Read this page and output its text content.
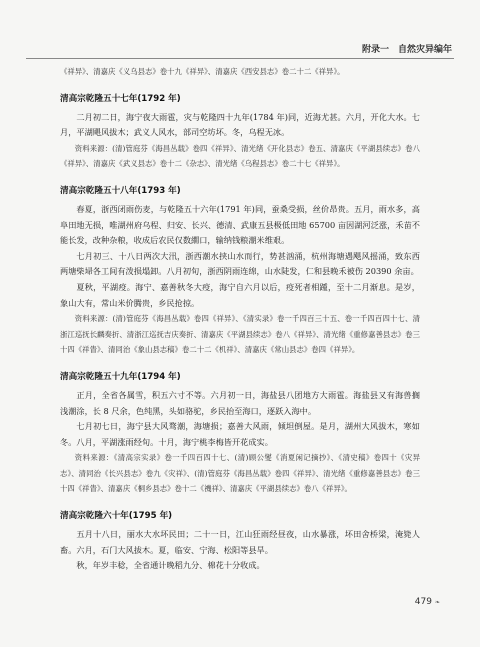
附录一　自然灾异编年

《祥异》、清嘉庆《义乌县志》卷十九《祥异》、清嘉庆《西安县志》卷二十二《祥异》。

清高宗乾隆五十七年(1792 年)

二月初二日，海宁夜大雨雹，灾与乾隆四十九年(1784 年)同，近海尤甚。六月，开化大水。七月，平湖飓风拔木；武义人风水，部司空坊坏。冬，乌程无冰。

资料来源：(清)管庭芬《海昌丛载》卷四《祥异》、清光绪《开化县志》卷五、清嘉庆《平湖县续志》卷八《祥异》、清嘉庆《武义县志》卷十二《杂志》、清光绪《乌程县志》卷二十七《祥异》。

清高宗乾隆五十八年(1793 年)

春夏，浙西闭雨伤麦，与乾隆五十六年(1791 年)同，蚕桑受损，丝价昂贵。五月，雨水多，高阜田地无损，唯湖州府乌程、归安、长兴、德清、武康五县极低田地 65700 亩因湖河泛涨，禾苗不能长发，改种杂粮，收成后农民仅数繝口，输纳钱粮潮米维艰。

七月初三、十八日两次大汛，浙西潮水挟山水而行，势甚汹涌，杭州海塘遇飓风摇涌，致东西两塘柴埽各工间有泼损塌卸。八月初旬，浙西阴雨连绵，山水陡发，仁和县晚禾被伤 20390 余亩。

夏秋，平湖疫。海宁、嘉善秋冬大疫，海宁自六月以后，疫死者相踵，至十二月渐息。是岁，象山大有，常山米价腾贵，乡民抢掠。

资料来源：(清)管庭芬《海昌丛载》卷四《祥异》、《清实录》卷一千四百三十五、卷一千四百四十七、清浙江巡抚长麟奏折、清浙江巡抚吉庆奏折、清嘉庆《平湖县续志》卷八《祥异》、清光绪《重修嘉善县志》卷三十四《祥眚》、清同治《象山县志稿》卷二十二《机祥》、清嘉庆《常山县志》卷四《祥异》。

清高宗乾隆五十九年(1794 年)

正月，全省各属雪，积五六寸不等。六月初一日，海盐县八团地方大雨雹。海盐县又有海兽搁浅潮涂，长 8 尺余，色纯黑，头如骆驼，乡民抬至海口，逐跃入海中。

七月初七日，海宁县大风骛潮，海塘损；嘉善大风雨，倾坦倒屋。是月，湖州大风拔木，寒如冬。八月，平湖涨雨经旬。十月，海宁桃李梅皆开花成实。

资料来源：《清高宗实录》卷一千四百四十七、(清)顾公燮《消夏闲记摘抄》、《清史稿》卷四十《灾异志》、清同治《长兴县志》卷九《灾祥》、(清)管庭芬《海昌丛载》卷四《祥异》、清光绪《重修嘉善县志》卷三十四《祥眚》、清嘉庆《桐乡县志》卷十二《禨祥》、清嘉庆《平湖县续志》卷八《祥异》。

清高宗乾隆六十年(1795 年)

五月十八日，丽水大水坏民田；二十一日，江山狂雨经昼夜，山水暴涨，坏田舍桥梁，淹毙人畜。六月，石门大风拔木。夏，临安、宁海、松阳等县旱。

秋，年岁丰稔，全省通计晚稻九分、棉花十分收成。

479 ❧
